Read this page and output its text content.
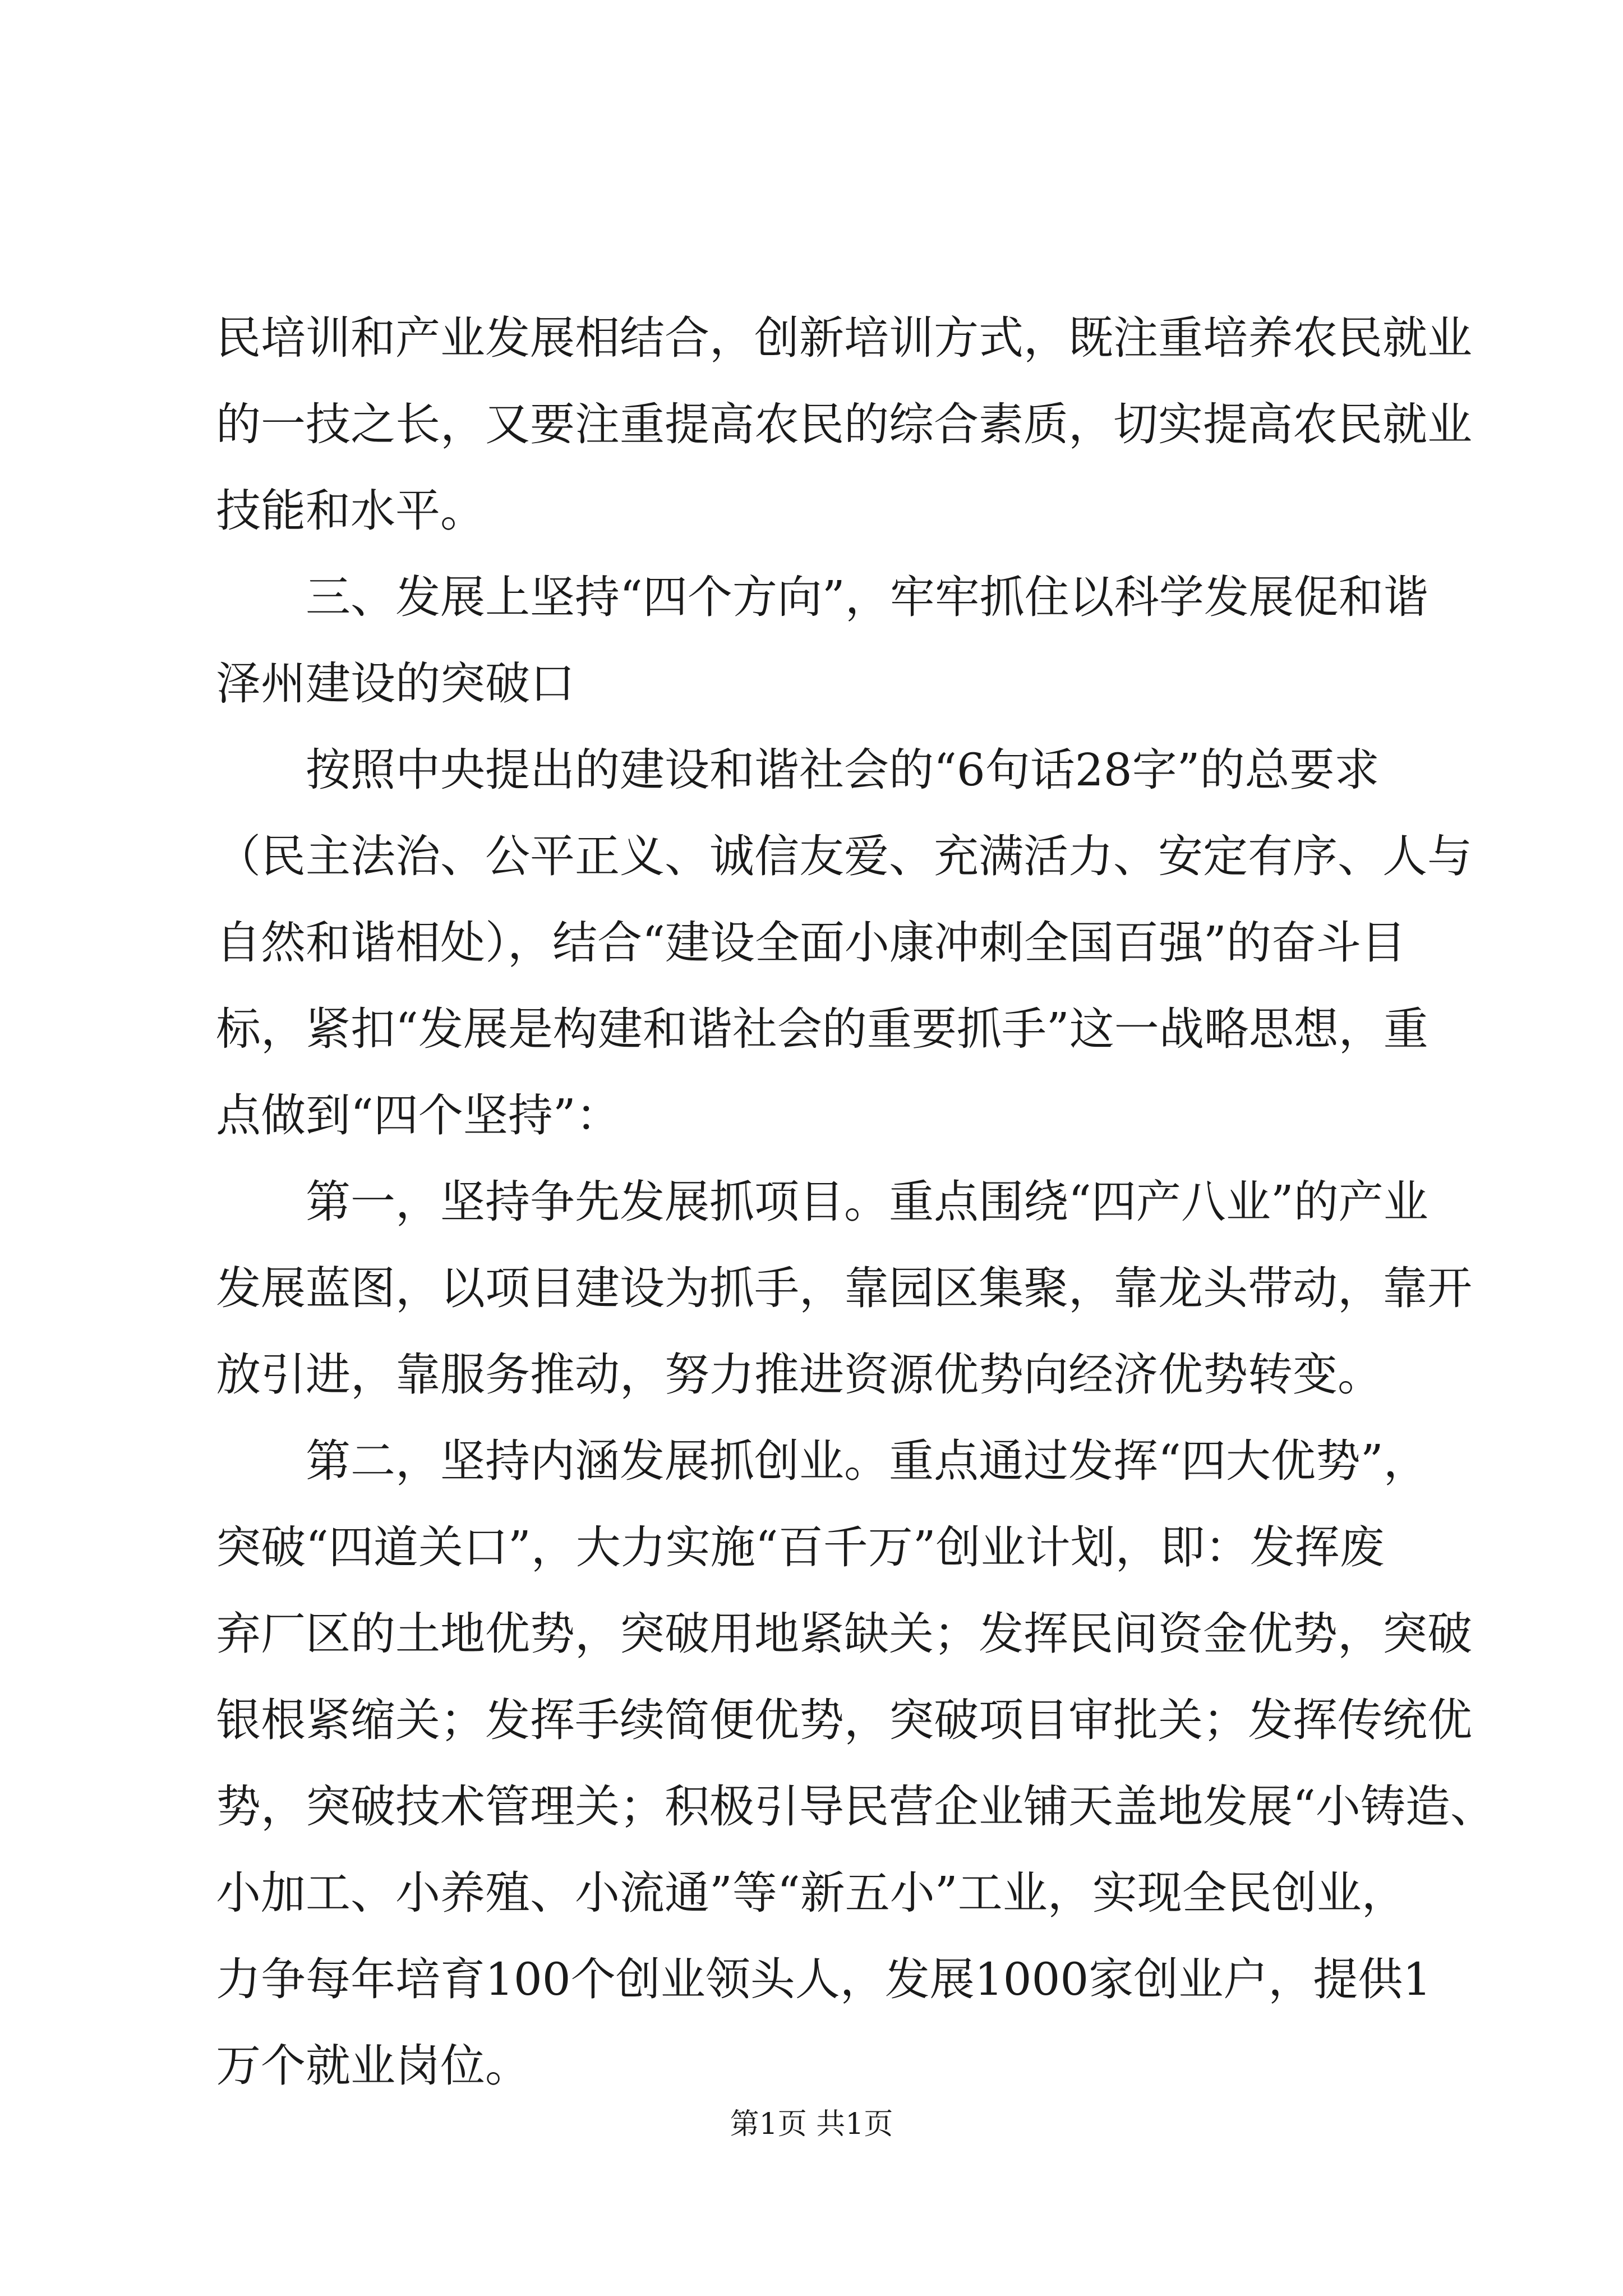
民培训和产业发展相结合，创新培训方式，既注重培养农民就业
的一技之长，又要注重提高农民的综合素质，切实提高农民就业
技能和水平。
三、发展上坚持“四个方向”，牢牢抓住以科学发展促和谐
泽州建设的突破口
按照中央提出的建设和谐社会的“6句话28字”的总要求
（民主法治、公平正义、诚信友爱、充满活力、安定有序、人与
自然和谐相处），结合“建设全面小康冲刺全国百强”的奋斗目
标，紧扣“发展是构建和谐社会的重要抓手”这一战略思想，重
点做到“四个坚持”：
第一，坚持争先发展抓项目。重点围绕“四产八业”的产业
发展蓝图，以项目建设为抓手，靠园区集聚，靠龙头带动，靠开
放引进，靠服务推动，努力推进资源优势向经济优势转变。
第二，坚持内涵发展抓创业。重点通过发挥“四大优势”，
突破“四道关口”，大力实施“百千万”创业计划，即：发挥废
弃厂区的土地优势，突破用地紧缺关；发挥民间资金优势，突破
银根紧缩关；发挥手续简便优势，突破项目审批关；发挥传统优
势，突破技术管理关；积极引导民营企业铺天盖地发展“小铸造、
小加工、小养殖、小流通”等“新五小”工业，实现全民创业，
力争每年培育100个创业领头人，发展1000家创业户，提供1
万个就业岗位。
第1页 共1页
